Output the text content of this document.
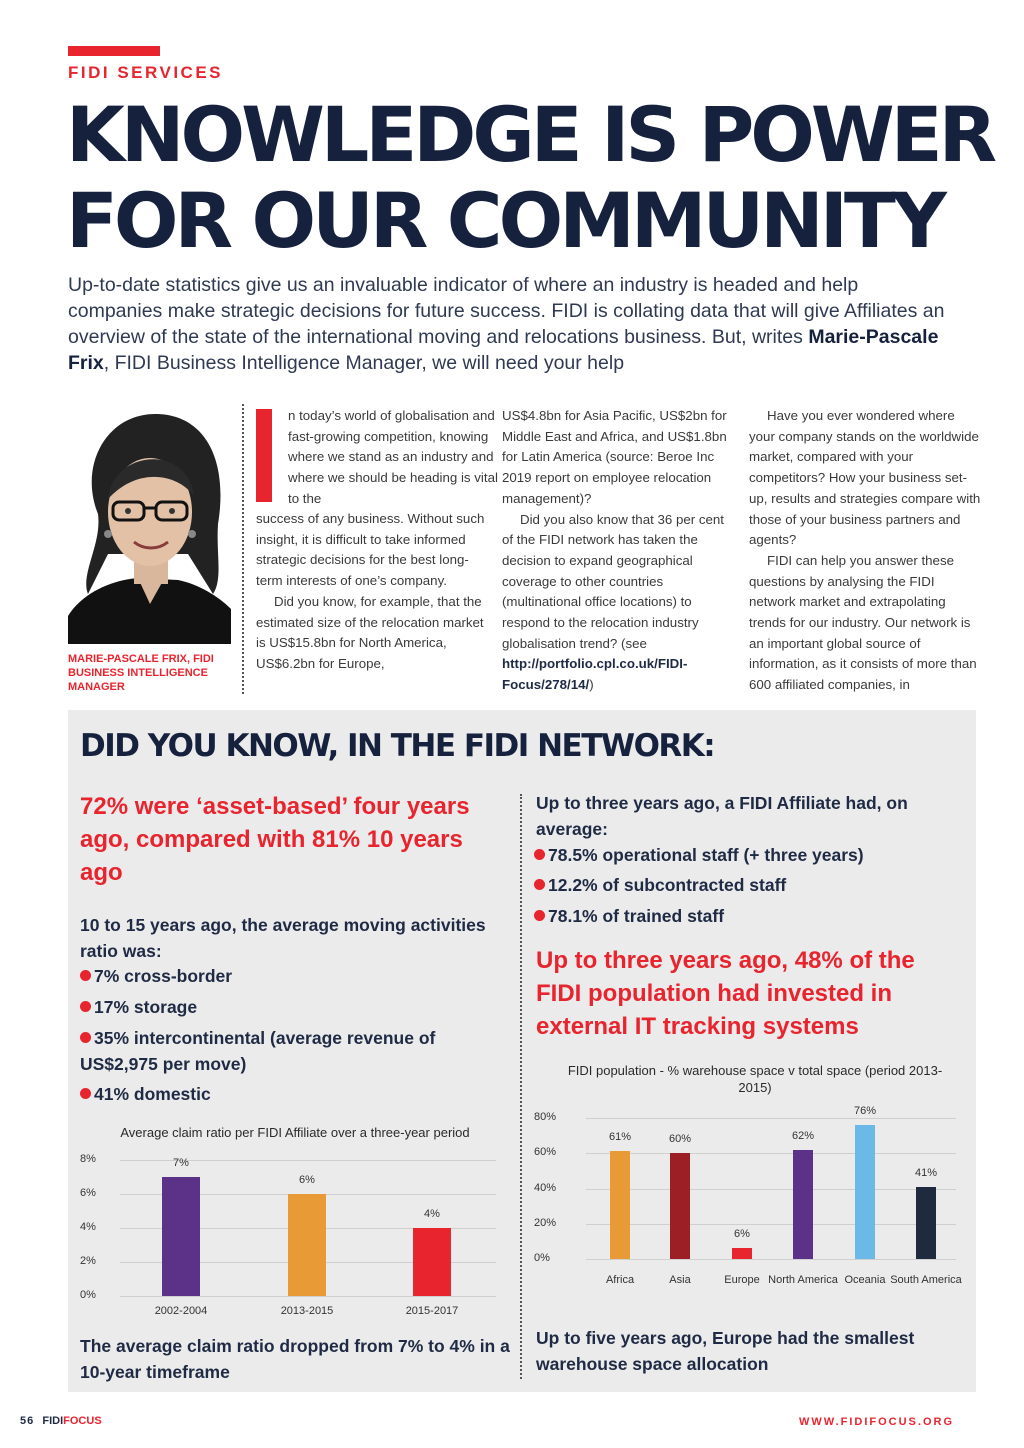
FIDI SERVICES
KNOWLEDGE IS POWER FOR OUR COMMUNITY
Up-to-date statistics give us an invaluable indicator of where an industry is headed and help companies make strategic decisions for future success. FIDI is collating data that will give Affiliates an overview of the state of the international moving and relocations business. But, writes Marie-Pascale Frix, FIDI Business Intelligence Manager, we will need your help
MARIE-PASCALE FRIX, FIDI BUSINESS INTELLIGENCE MANAGER

n today’s world of globalisation and fast-growing competition, knowing where we stand as an industry and where we should be heading is vital to the

success of any business. Without such insight, it is difficult to take informed strategic decisions for the best long-term interests of one’s company.

Did you know, for example, that the estimated size of the relocation market is US$15.8bn for North America, US$6.2bn for Europe,

US$4.8bn for Asia Pacific, US$2bn for Middle East and Africa, and US$1.8bn for Latin America (source: Beroe Inc 2019 report on employee relocation management)?

Did you also know that 36 per cent of the FIDI network has taken the decision to expand geographical coverage to other countries (multinational office locations) to respond to the relocation industry globalisation trend? (see http://portfolio.cpl.co.uk/FIDI-Focus/278/14/)

Have you ever wondered where your company stands on the worldwide market, compared with your competitors? How your business set-up, results and strategies compare with those of your business partners and agents?

FIDI can help you answer these questions by analysing the FIDI network market and extrapolating trends for our industry. Our network is an important global source of information, as it consists of more than 600 affiliated companies, in

DID YOU KNOW, IN THE FIDI NETWORK:
72% were ‘asset-based’ four years ago, compared with 81% 10 years ago
10 to 15 years ago, the average moving activities ratio was:
7% cross-border
17% storage
35% intercontinental (average revenue of US$2,975 per move)
41% domestic
Up to three years ago, a FIDI Affiliate had, on average:
78.5% operational staff (+ three years)
12.2% of subcontracted staff
78.1% of trained staff
Up to three years ago, 48% of the FIDI population had invested in external IT tracking systems
Average claim ratio per FIDI Affiliate over a three-year period
0%
2%
4%
6%
8%	7%
2002-2004
6%
2013-2015
4%
2015-2017
FIDI population - % warehouse space v total space (period 2013-2015)
0%
20%
40%
60%
80%
61%
Africa
60%
Asia
6%
Europe
62%
North America
76%
Oceania
41%
South America
The average claim ratio dropped from 7% to 4% in a 10-year timeframe
Up to five years ago, Europe had the smallest warehouse space allocation
56 FIDIFOCUS	WWW.FIDIFOCUS.ORG
